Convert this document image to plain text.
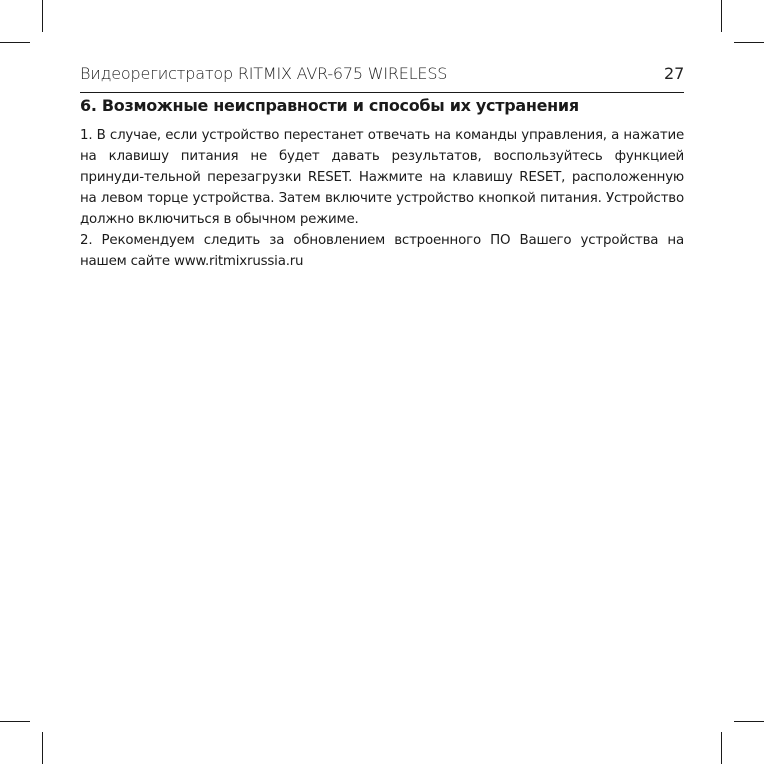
Видеорегистратор RITMIX AVR-675 WIRELESS	27
6. Возможные неисправности и способы их устранения

1. В случае, если устройство перестанет отвечать на команды управления, а нажатие на клавишу питания не будет давать результатов, воспользуйтесь функцией принуди-тельной перезагрузки RESET. Нажмите на клавишу RESET, расположенную на левом торце устройства. Затем включите устройство кнопкой питания. Устройство должно включиться в обычном режиме.

2. Рекомендуем следить за обновлением встроенного ПО Вашего устройства на нашем сайте www.ritmixrussia.ru
